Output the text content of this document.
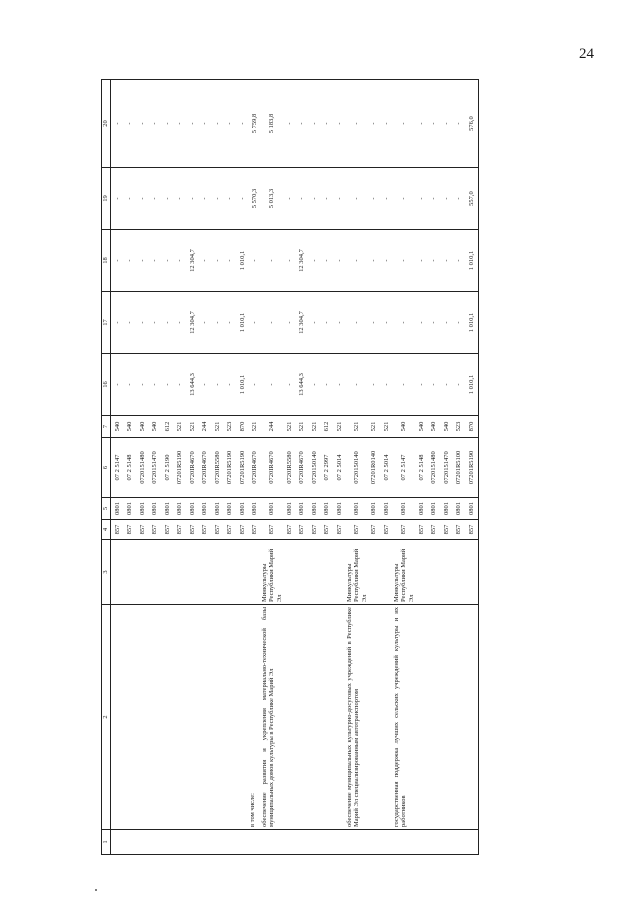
24
1	2	3	4	5	6	7	16	17	18	19	20
			857	0801	07 2 5147	540	-	-	-	-	-
			857	0801	07 2 5148	540	-	-	-	-	-
			857	0801	0720151480	540	-	-	-	-	-
			857	0801	0720151470	540	-	-	-	-	-
			857	0801	07 2 5190	612	-	-	-	-	-
			857	0801	07201R5190	521	-	-	-	-	-
			857	0801	0720IR4670	521	13 644,3	12 304,7	12 304,7	-	-
			857	0801	0720IR4670	244	-	-	-	-	-
			857	0801	0720IR5580	521	-	-	-	-	-
			857	0801	07201R5190	523	-	-	-	-	-
			857	0801	07201R5190	870	1 010,1	1 010,1	1 010,1	-	-
	в том числе:		857	0801	0720IR4670	521	-	-	-	5 570,3	5 759,8
	обеспечение развития и укрепления материально-технической базы муниципальных домов культуры в Республике Марий Эл	Минкультуры Республики Марий Эл	857	0801	0720IR4670	244	-	-	-	5 013,3	5 183,8
			857	0801	0720IR5580	521	-	-	-	-	-
			857	0801	0720IR4670	521	13 644,3	12 304,7	12 304,7	-	-
			857	0801	0720150140	521	-	-	-	-	-
			857	0801	07 2 2997	612	-	-	-	-	-
			857	0801	07 2 5014	521	-	-	-	-	-
	обеспечение муниципальных культурно-досуговых учреждений в Республике Марий Эл специализированным автотранспортом	Минкультуры Республики Марий Эл	857	0801	0720150140	521	-	-	-	-	-
			857	0801	07201R0140	521	-	-	-	-	-
			857	0801	07 2 5014	521	-	-	-	-	-
	государственная поддержка лучших сельских учреждений культуры и их работников	Минкультуры Республики Марий Эл	857	0801	07 2 5147	540	-	-	-	-	-
			857	0801	07 2 5148	540	-	-	-	-	-
			857	0801	0720151480	540	-	-	-	-	-
			857	0801	0720151470	540	-	-	-	-	-
			857	0801	07201R5100	523	-	-	-	-	-
			857	0801	07201R5190	870	1 010,1	1 010,1	1 010,1	557,0	576,0
